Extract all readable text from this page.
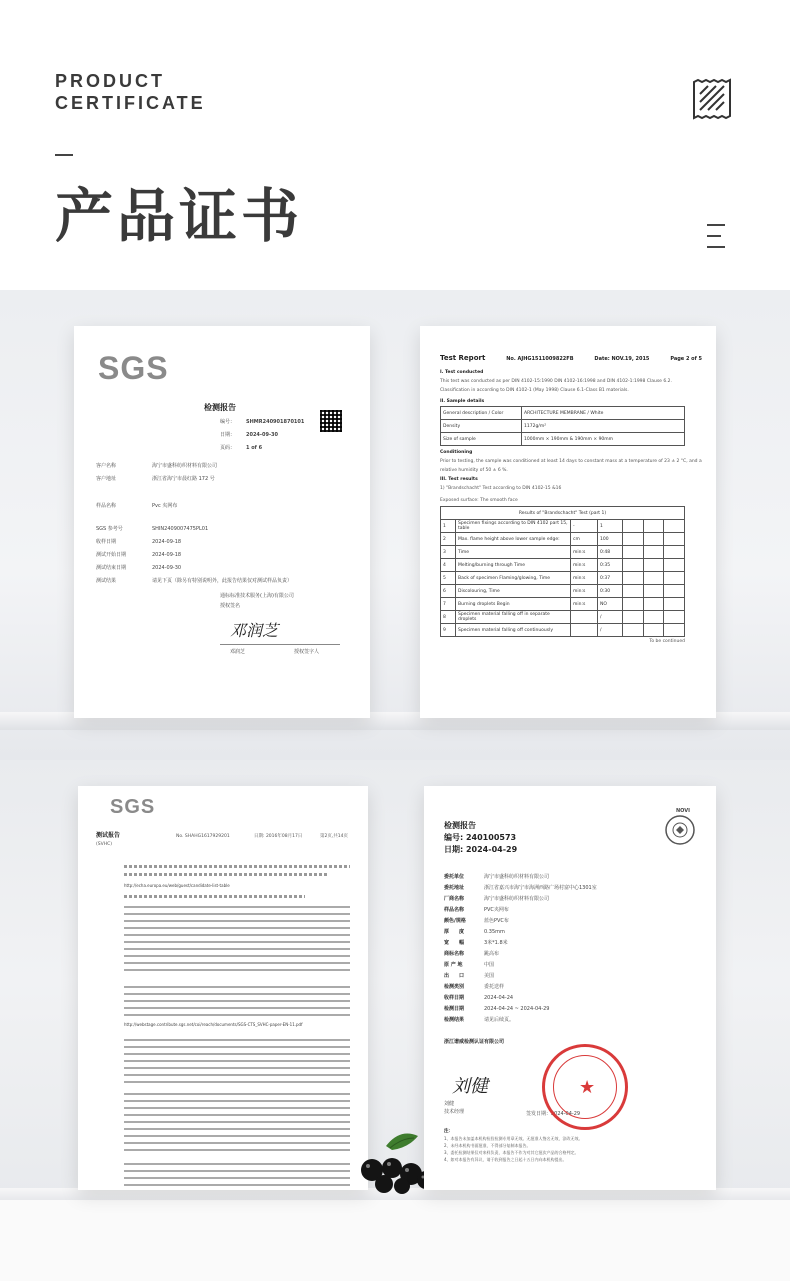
PRODUCT
CERTIFICATE
产品证书
SGS
检测报告
编号：	SHMR240901870101
日期：	2024-09-30
页码：	1 of 6
客户名称	海宁市盛科纺织材料有限公司
客户地址	浙江省海宁市晨红路 172 号
样品名称	Pvc 夹网布
SGS 参考号	SHIN2409007475PL01
收样日期	2024-09-18
测试开始日期	2024-09-18
测试结束日期	2024-09-30
测试结果	请见下页（除另有特别说明外，此报告结果仅对测试样品负责）
通标标准技术服务(上海)有限公司
授权签名
邓润芝
邓润芝	授权签字人
Test Report	No. AJHG1511009822FB	Date: NOV.19, 2015	Page 2 of 5
I. Test conducted
This test was conducted as per DIN 4102-15:1990 DIN 4102-16:1998 and DIN 4102-1:1998 Clause 6.2. Classification in according to DIN 4102-1 (May 1998) Clause 6.1-Class B1 materials.
II. Sample details
General description / Color	ARCHITECTURE MEMBRANE / White
Density	1172g/m²
Size of sample	1000mm × 190mm & 190mm × 90mm
Conditioning
Prior to testing, the sample was conditioned at least 14 days to constant mass at a temperature of 23 ± 2 °C, and a relative humidity of 50 ± 6 %.
III. Test results
1) "Brandschacht" Test according to DIN 4102-15 &16
Exposed surface: The smooth face
Results of "Brandschacht" Test (part 1)						
1	Specimen fixings according to DIN 4102 part 15, table	-	1			
2	Max. flame height above lower sample edge:	cm	100			
3	Time	min:s	0:48			
4	Melting/burning through Time	min:s	0:35			
5	Back of specimen Flaming/glowing, Time	min:s	0:37			
6	Discolouring, Time	min:s	0:30			
7	Burning droplets Begin	min:s	NO			
8	Specimen material falling off in separate droplets		/			
9	Specimen material falling off continuously		/			
To be continued
SGS
测试报告
(SVHC)
No. SHAHG1617929201	日期: 2016年08月17日	第2页,共14页
http://echa.europa.eu/web/guest/candidate-list-table
http://webstage.contribute.sgs.net/coi/reach/documents/SGS-CTS_SVHC-paper-EN-11.pdf
检测报告
编号: 240100573
日期: 2024-04-29
NOVI
委托单位	海宁市盛科纺织材料有限公司
委托地址	浙江省嘉兴市海宁市海洲西路广场村富中心1301室
厂商名称	海宁市盛科纺织材料有限公司
样品名称	PVC夹网布
颜色/规格	蓝色PVC布
厚　　度	0.35mm
宽　　幅	3米*1.8米
商标名称	跳高布
原 产 地	中国
出　　口	美国
检测类别	委托送样
收样日期	2024-04-24
检测日期	2024-04-24 ~ 2024-04-29
检测结果	请见后续页。
浙江谱威检测认证有限公司
刘健
刘健
技术经理	签发日期：2024-04-29
★
注：
1、本报告未加盖本机构检验检测专用章无效。无批准人签名无效，涂改无效。
2、未经本机构书面批准，不得部分复制本报告。
3、委托检测结果仅对来样负责，本报告不作为对其它批次产品的合格判定。
4、如对本报告有异议，请于收到报告之日起十五日内向本机构提出。
